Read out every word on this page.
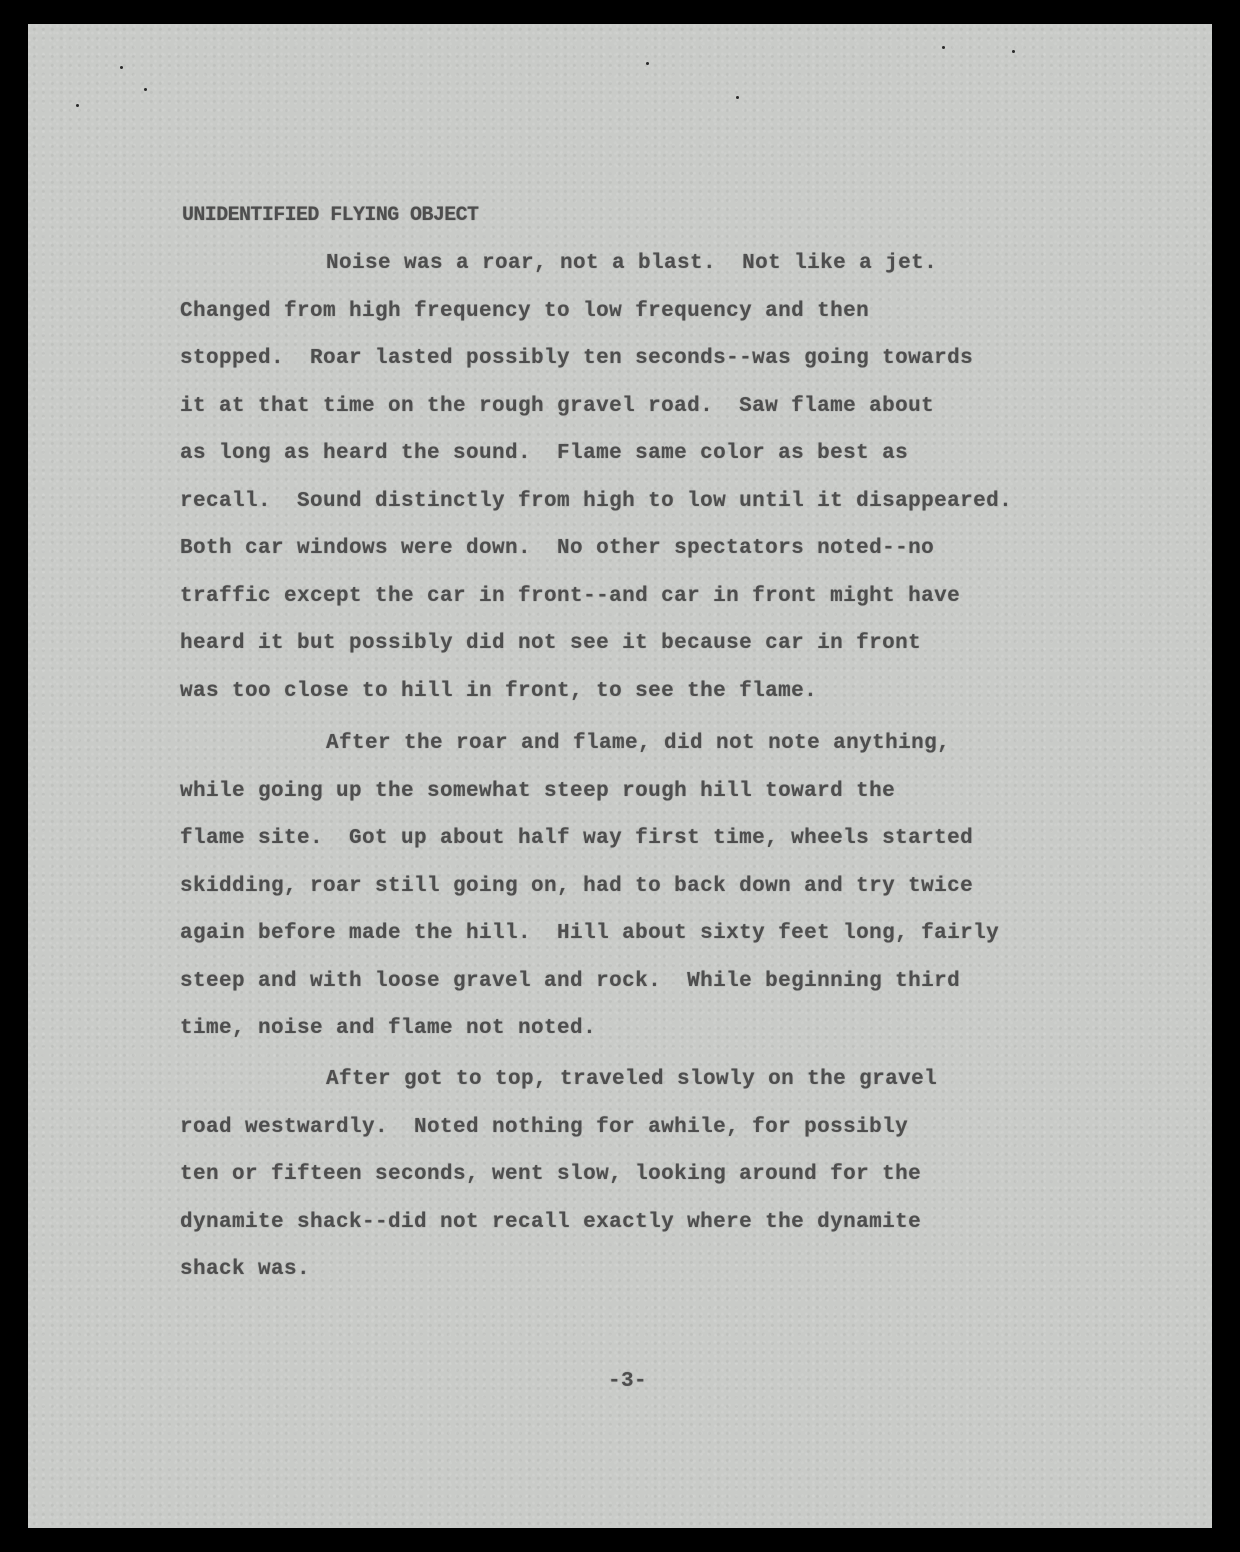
UNIDENTIFIED FLYING OBJECT
Noise was a roar, not a blast.  Not like a jet.
Changed from high frequency to low frequency and then
stopped.  Roar lasted possibly ten seconds--was going towards
it at that time on the rough gravel road.  Saw flame about
as long as heard the sound.  Flame same color as best as
recall.  Sound distinctly from high to low until it disappeared.
Both car windows were down.  No other spectators noted--no
traffic except the car in front--and car in front might have
heard it but possibly did not see it because car in front
was too close to hill in front, to see the flame.
After the roar and flame, did not note anything,
while going up the somewhat steep rough hill toward the
flame site.  Got up about half way first time, wheels started
skidding, roar still going on, had to back down and try twice
again before made the hill.  Hill about sixty feet long, fairly
steep and with loose gravel and rock.  While beginning third
time, noise and flame not noted.
After got to top, traveled slowly on the gravel
road westwardly.  Noted nothing for awhile, for possibly
ten or fifteen seconds, went slow, looking around for the
dynamite shack--did not recall exactly where the dynamite
shack was.
-3-
